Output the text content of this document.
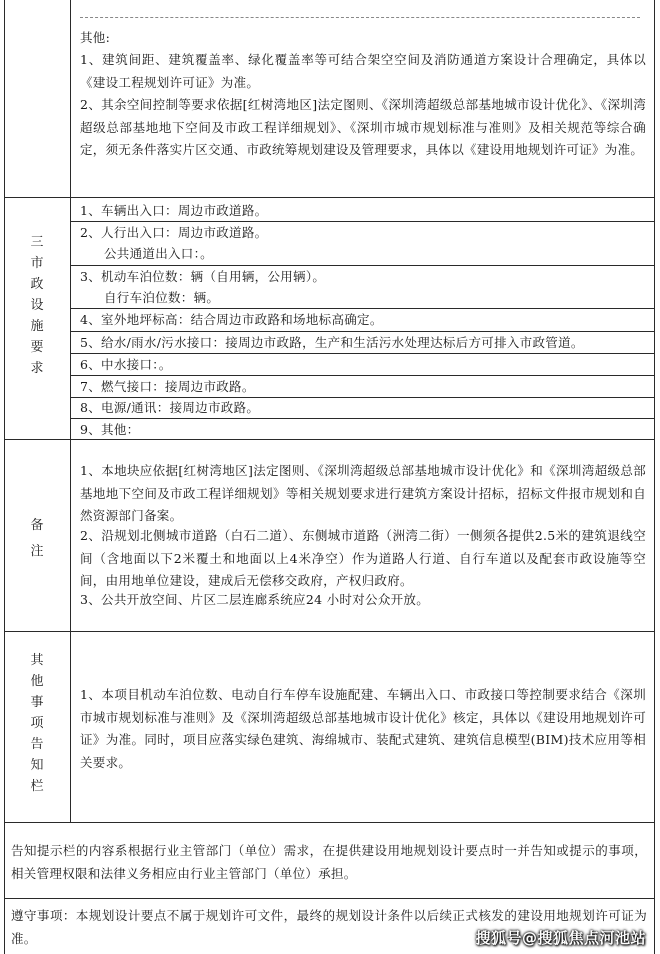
其他:
1、建筑间距、建筑覆盖率、绿化覆盖率等可结合架空空间及消防通道方案设计合理确定，具体以《建设工程规划许可证》为准。
2、其余空间控制等要求依据[红树湾地区]法定图则、《深圳湾超级总部基地城市设计优化》、《深圳湾超级总部基地地下空间及市政工程详细规划》、《深圳市城市规划标准与准则》及相关规范等综合确定，须无条件落实片区交通、市政统筹规划建设及管理要求，具体以《建设用地规划许可证》为准。
三市政设施要求
1、车辆出入口：周边市政道路。
2、人行出入口：周边市政道路。
公共通道出入口：。
3、机动车泊位数：辆（自用辆，公用辆）。
自行车泊位数：辆。
4、室外地坪标高：结合周边市政路和场地标高确定。
5、给水/雨水/污水接口：接周边市政路，生产和生活污水处理达标后方可排入市政管道。
6、中水接口：。
7、燃气接口：接周边市政路。
8、电源/通讯：接周边市政路。
9、其他：
备注
1、本地块应依据[红树湾地区]法定图则、《深圳湾超级总部基地城市设计优化》和《深圳湾超级总部基地地下空间及市政工程详细规划》等相关规划要求进行建筑方案设计招标，招标文件报市规划和自然资源部门备案。
2、沿规划北侧城市道路（白石二道）、东侧城市道路（洲湾二街）一侧须各提供2.5米的建筑退线空间（含地面以下2米覆土和地面以上4米净空）作为道路人行道、自行车道以及配套市政设施等空间，由用地单位建设，建成后无偿移交政府，产权归政府。
3、公共开放空间、片区二层连廊系统应24 小时对公众开放。
其他事项告知栏
1、本项目机动车泊位数、电动自行车停车设施配建、车辆出入口、市政接口等控制要求结合《深圳市城市规划标准与准则》及《深圳湾超级总部基地城市设计优化》核定，具体以《建设用地规划许可证》为准。同时，项目应落实绿色建筑、海绵城市、装配式建筑、建筑信息模型(BIM)技术应用等相关要求。
告知提示栏的内容系根据行业主管部门（单位）需求，在提供建设用地规划设计要点时一并告知或提示的事项，相关管理权限和法律义务相应由行业主管部门（单位）承担。
遵守事项：本规划设计要点不属于规划许可文件，最终的规划设计条件以后续正式核发的建设用地规划许可证为准。	搜狐号@搜狐焦点河池站
